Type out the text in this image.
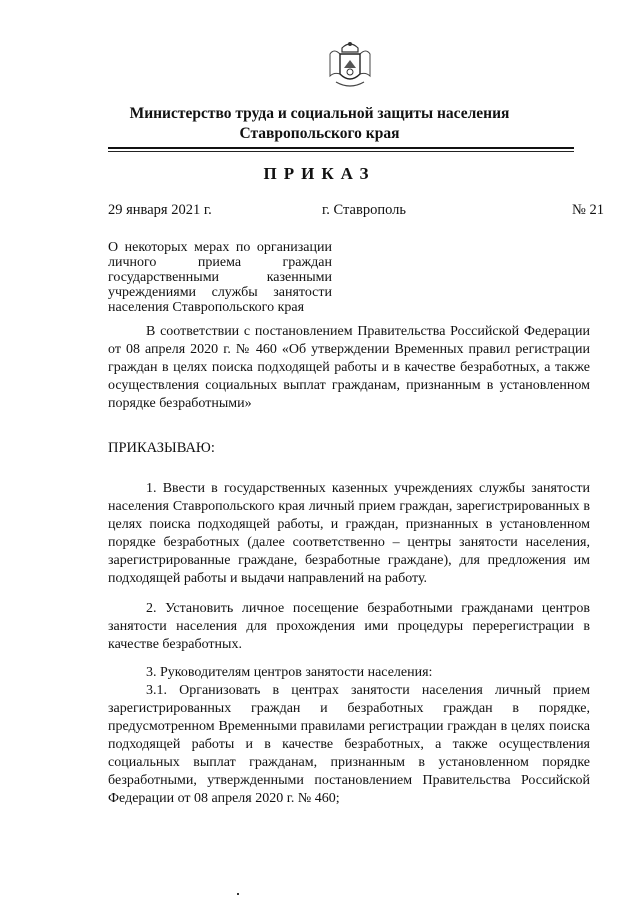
Министерство труда и социальной защиты населения
Ставропольского края
ПРИКАЗ
29 января 2021 г.	г. Ставрополь	№ 21
О некоторых мерах по организации личного приема граждан государственными казенными учреждениями службы занятости населения Ставропольского края
В соответствии с постановлением Правительства Российской Федерации от 08 апреля 2020 г. № 460 «Об утверждении Временных правил регистрации граждан в целях поиска подходящей работы и в качестве безработных, а также осуществления социальных выплат гражданам, признанным в установленном порядке безработными»
ПРИКАЗЫВАЮ:
1. Ввести в государственных казенных учреждениях службы занятости населения Ставропольского края личный прием граждан, зарегистрированных в целях поиска подходящей работы, и граждан, признанных в установленном порядке безработных (далее соответственно – центры занятости населения, зарегистрированные граждане, безработные граждане), для предложения им подходящей работы и выдачи направлений на работу.
2. Установить личное посещение безработными гражданами центров занятости населения для прохождения ими процедуры перерегистрации в качестве безработных.
3. Руководителям центров занятости населения:
3.1. Организовать в центрах занятости населения личный прием зарегистрированных граждан и безработных граждан в порядке, предусмотренном Временными правилами регистрации граждан в целях поиска подходящей работы и в качестве безработных, а также осуществления социальных выплат гражданам, признанным в установленном порядке безработными, утвержденными постановлением Правительства Российской Федерации от 08 апреля 2020 г. № 460;
